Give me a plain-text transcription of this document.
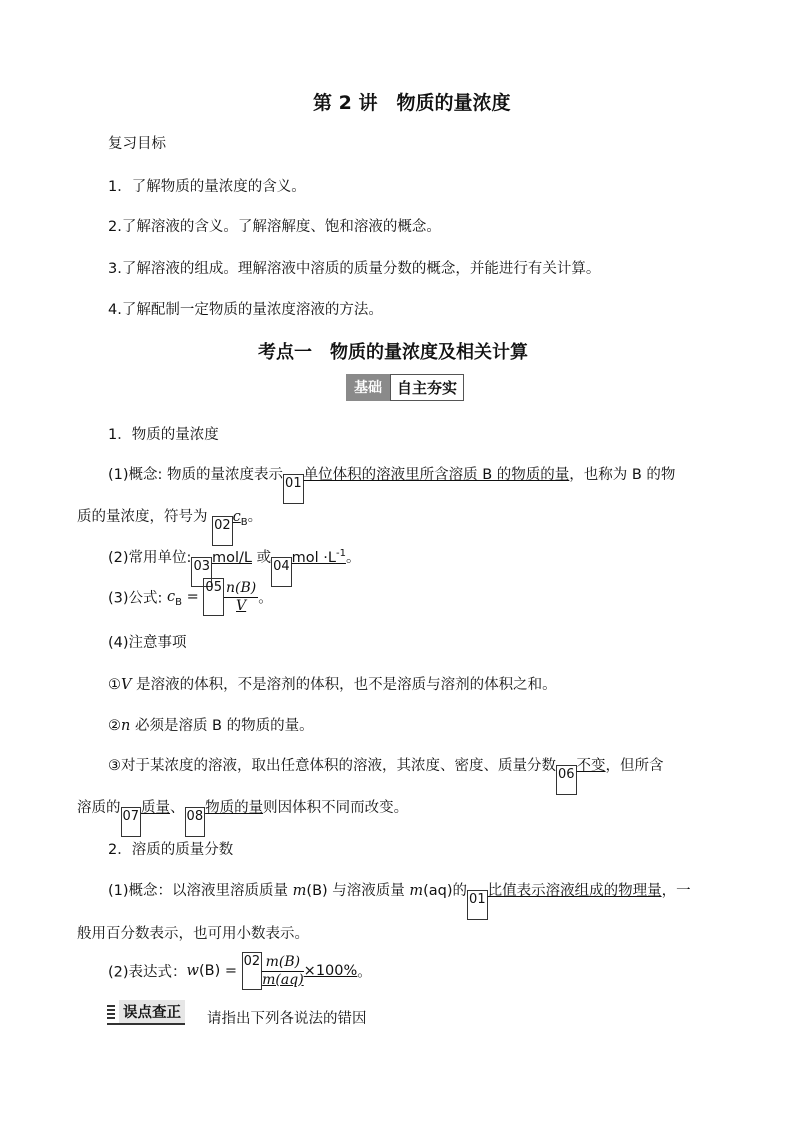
第 2 讲　物质的量浓度
复习目标
1．了解物质的量浓度的含义。
2.了解溶液的含义。了解溶解度、饱和溶液的概念。
3.了解溶液的组成。理解溶液中溶质的质量分数的概念，并能进行有关计算。
4.了解配制一定物质的量浓度溶液的方法。
考点一　物质的量浓度及相关计算
基础	自主夯实
1．物质的量浓度
(1)概念: 物质的量浓度表示
01
单位体积的溶液里所含溶质 B 的物质的量，也称为 B 的物
质的量浓度，符号为
02
$c_B$。
(2)常用单位:
03
mol/L 或
04
mol $\cdot L^{-1}$。
(3)公式: $c_B$ =
$05 \frac{n(B)}{V}$ 。
(4)注意事项
①V 是溶液的体积，不是溶剂的体积，也不是溶质与溶剂的体积之和。
②n 必须是溶质 B 的物质的量。
③对于某浓度的溶液，取出任意体积的溶液，其浓度、密度、质量分数
06
不变，但所含
溶质的
07
质量、
08
物质的量则因体积不同而改变。
2．溶质的质量分数
(1)概念：以溶液里溶质质量 m(B) 与溶液质量 m(aq)的
01
比值表示溶液组成的物理量，一
般用百分数表示，也可用小数表示。
(2)表达式：w(B) =
$02 \frac{m(B)}{m(aq)} \times 100\%$。
误点查正 请指出下列各说法的错因
